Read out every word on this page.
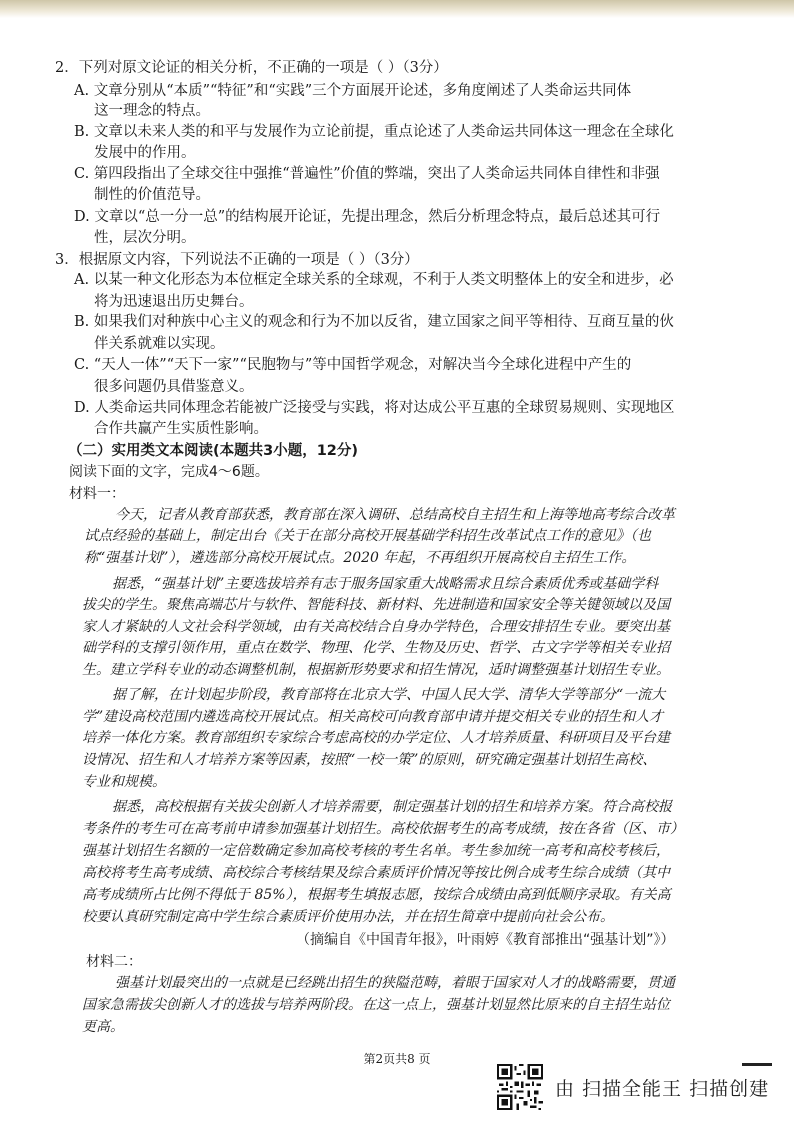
2．下列对原文论证的相关分析，不正确的一项是（ ）（3分）
A. 文章分别从“本质”“特征”和“实践”三个方面展开论述，多角度阐述了人类命运共同体
这一理念的特点。
B. 文章以未来人类的和平与发展作为立论前提，重点论述了人类命运共同体这一理念在全球化
发展中的作用。
C. 第四段指出了全球交往中强推“普遍性”价值的弊端，突出了人类命运共同体自律性和非强
制性的价值范导。
D. 文章以“总一分一总”的结构展开论证，先提出理念，然后分析理念特点，最后总述其可行
性，层次分明。
3．根据原文内容，下列说法不正确的一项是（ ）（3分）
A. 以某一种文化形态为本位框定全球关系的全球观，不利于人类文明整体上的安全和进步，必
将为迅速退出历史舞台。
B. 如果我们对种族中心主义的观念和行为不加以反省，建立国家之间平等相待、互商互量的伙
伴关系就难以实现。
C. “天人一体”“天下一家”“民胞物与”等中国哲学观念，对解决当今全球化进程中产生的
很多问题仍具借鉴意义。
D. 人类命运共同体理念若能被广泛接受与实践，将对达成公平互惠的全球贸易规则、实现地区
合作共赢产生实质性影响。
（二）实用类文本阅读(本题共3小题，12分)
阅读下面的文字，完成4～6题。
材料一：
今天，记者从教育部获悉，教育部在深入调研、总结高校自主招生和上海等地高考综合改革
试点经验的基础上，制定出台《关于在部分高校开展基础学科招生改革试点工作的意见》（也
称“强基计划”），遴选部分高校开展试点。2020 年起，不再组织开展高校自主招生工作。
据悉，“强基计划”主要选拔培养有志于服务国家重大战略需求且综合素质优秀或基础学科
拔尖的学生。聚焦高端芯片与软件、智能科技、新材料、先进制造和国家安全等关键领域以及国
家人才紧缺的人文社会科学领域，由有关高校结合自身办学特色，合理安排招生专业。要突出基
础学科的支撑引领作用，重点在数学、物理、化学、生物及历史、哲学、古文字学等相关专业招
生。建立学科专业的动态调整机制，根据新形势要求和招生情况，适时调整强基计划招生专业。
据了解，在计划起步阶段，教育部将在北京大学、中国人民大学、清华大学等部分“一流大
学”建设高校范围内遴选高校开展试点。相关高校可向教育部申请并提交相关专业的招生和人才
培养一体化方案。教育部组织专家综合考虑高校的办学定位、人才培养质量、科研项目及平台建
设情况、招生和人才培养方案等因素，按照“一校一策”的原则，研究确定强基计划招生高校、
专业和规模。
据悉，高校根据有关拔尖创新人才培养需要，制定强基计划的招生和培养方案。符合高校报
考条件的考生可在高考前申请参加强基计划招生。高校依据考生的高考成绩，按在各省（区、市）
强基计划招生名额的一定倍数确定参加高校考核的考生名单。考生参加统一高考和高校考核后，
高校将考生高考成绩、高校综合考核结果及综合素质评价情况等按比例合成考生综合成绩（其中
高考成绩所占比例不得低于 85%），根据考生填报志愿，按综合成绩由高到低顺序录取。有关高
校要认真研究制定高中学生综合素质评价使用办法，并在招生简章中提前向社会公布。
（摘编自《中国青年报》，叶雨婷《教育部推出“强基计划”》）
材料二：
强基计划最突出的一点就是已经跳出招生的狭隘范畴，着眼于国家对人才的战略需要，贯通
国家急需拔尖创新人才的选拔与培养两阶段。在这一点上，强基计划显然比原来的自主招生站位
更高。
第2页共8 页
由 扫描全能王 扫描创建
